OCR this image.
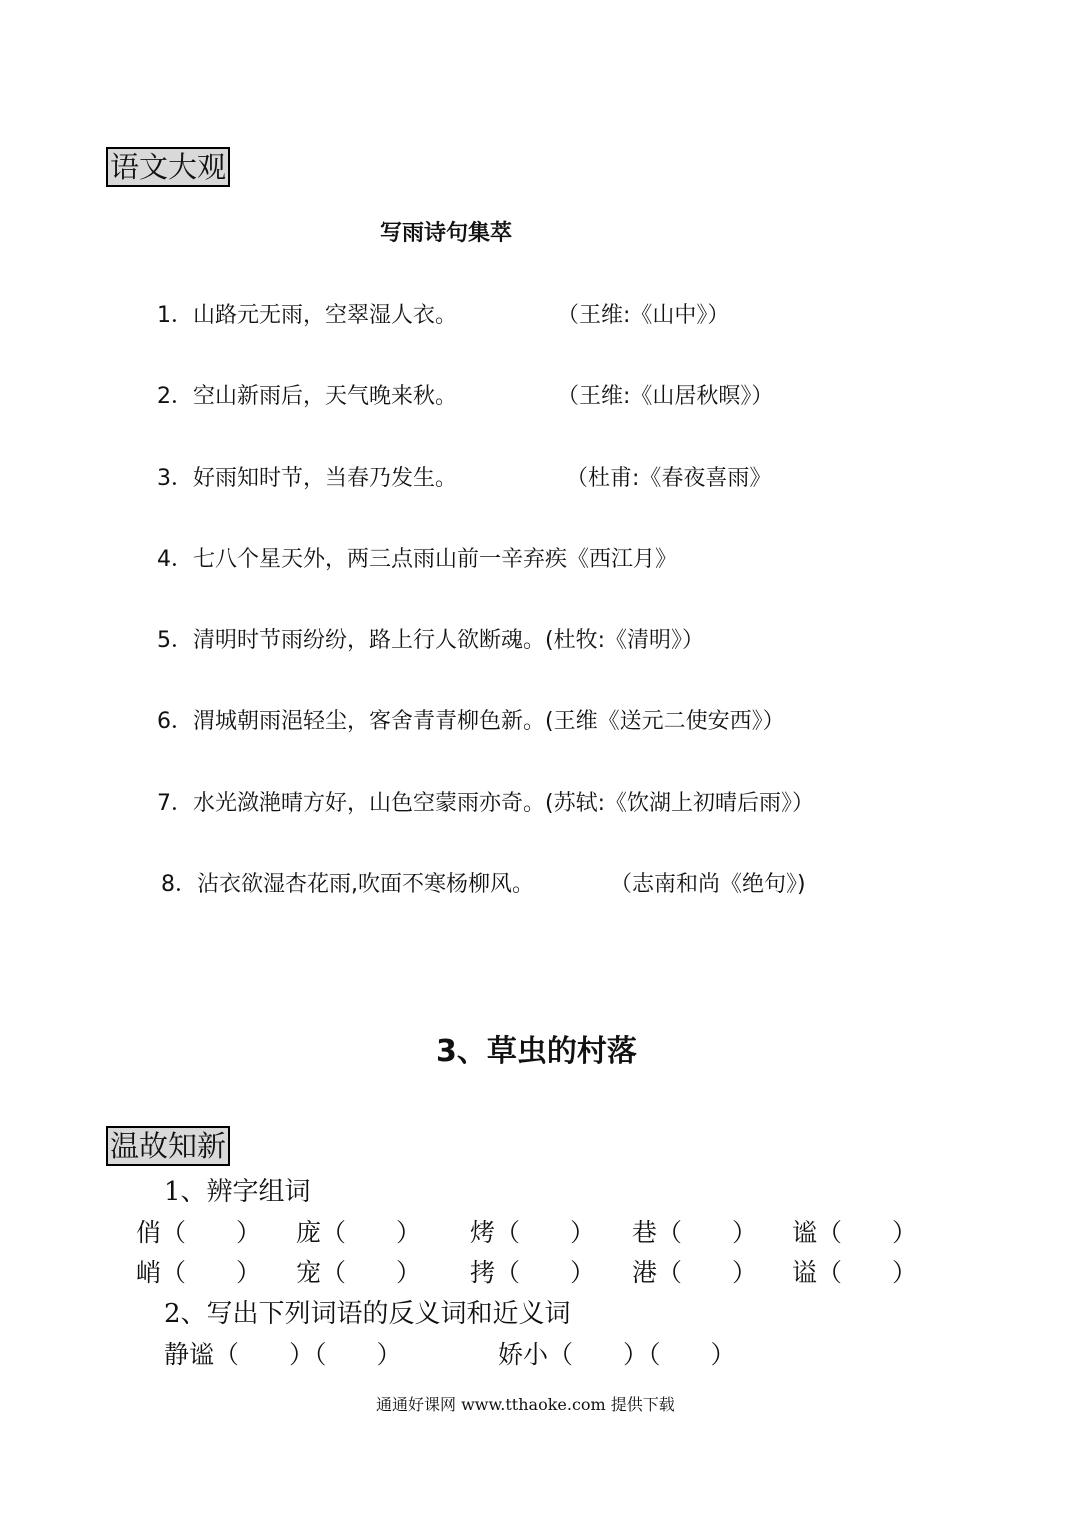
语文大观
写雨诗句集萃
1．山路元无雨，空翠湿人衣。	（王维:《山中》）
2．空山新雨后，天气晚来秋。	（王维:《山居秋暝》）
3．好雨知时节，当春乃发生。	（杜甫:《春夜喜雨》
4．七八个星天外，两三点雨山前一辛弃疾《西江月》
5．清明时节雨纷纷，路上行人欲断魂。(杜牧:《清明》）
6．渭城朝雨浥轻尘，客舍青青柳色新。(王维《送元二使安西》）
7．水光潋滟晴方好，山色空蒙雨亦奇。(苏轼:《饮湖上初晴后雨》）
8．沾衣欲湿杏花雨,吹面不寒杨柳风。	（志南和尚《绝句》)
3、草虫的村落
温故知新
1、辨字组词
俏（　　） 庞（　　） 烤（　　） 巷（　　） 谧（　　）
峭（　　） 宠（　　） 拷（　　） 港（　　） 谥（　　）
2、写出下列词语的反义词和近义词
静谧（　　）（　　）	娇小（　　）（　　）
通通好课网 www.tthaoke.com 提供下载
